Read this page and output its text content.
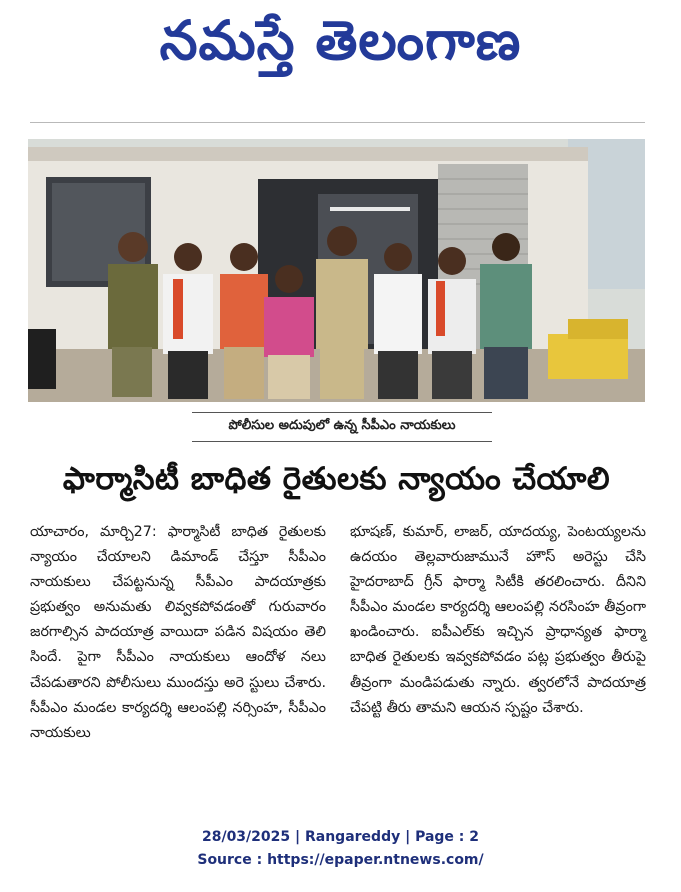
నమస్తే తెలంగాణ
పోలీసుల అదుపులో ఉన్న సీపీఎం నాయకులు
ఫార్మాసిటీ బాధిత రైతులకు న్యాయం చేయాలి

యాచారం, మార్చి27: ఫార్మాసిటీ బాధిత రైతులకు న్యాయం చేయాలని డిమాండ్ చేస్తూ సీపీఎం నాయకులు చేపట్టనున్న సీపీఎం పాదయాత్రకు ప్రభుత్వం అనుమతు లివ్వకపోవడంతో గురువారం జరగాల్సిన పాదయాత్ర వాయిదా పడిన విషయం తెలి సిందే. పైగా సీపీఎం నాయకులు ఆందోళ నలు చేపడుతారని పోలీసులు ముందస్తు అరె స్టులు చేశారు. సీపీఎం మండల కార్యదర్శి ఆలంపల్లి నర్సింహ, సీపీఎం నాయకులు

భూషణ్, కుమార్, లాజర్, యాదయ్య, పెంటయ్యలను ఉదయం తెల్లవారుజామునే హౌస్ అరెస్టు చేసి హైదరాబాద్ గ్రీన్ ఫార్మా సిటీకి తరలించారు. దీనిని సీపీఎం మండల కార్యదర్శి ఆలంపల్లి నరసింహ తీవ్రంగా ఖండించారు. ఐపీఎల్‌కు ఇచ్చిన ప్రాధాన్యత ఫార్మా బాధిత రైతులకు ఇవ్వకపోవడం పట్ల ప్రభుత్వం తీరుపై తీవ్రంగా మండిపడుతు న్నారు. త్వరలోనే పాదయాత్ర చేపట్టి తీరు తామని ఆయన స్పష్టం చేశారు.

28/03/2025 | Rangareddy | Page : 2
Source : https://epaper.ntnews.com/
